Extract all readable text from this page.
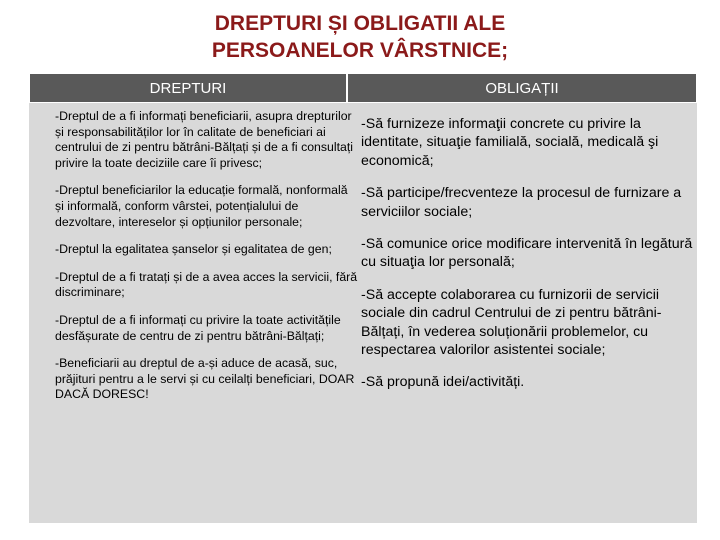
DREPTURI ȘI OBLIGATII ALE
PERSOANELOR VÂRSTNICE;
DREPTURI	OBLIGAȚII

-Dreptul de a fi informați beneficiarii, asupra drepturilor și responsabilităților lor în calitate de beneficiari ai centrului de zi pentru bătrâni-Bălțați și de a fi consultați privire la toate deciziile care îi privesc;

-Dreptul beneficiarilor la educație formală, nonformală și informală, conform vârstei, potențialului de dezvoltare, intereselor și opțiunilor personale;

-Dreptul la egalitatea șanselor și egalitatea de gen;

-Dreptul de a fi tratați și de a avea acces la servicii, fără discriminare;

-Dreptul de a fi informați cu privire la toate activitățile desfășurate de centru de zi pentru bătrâni-Bălțați;

-Beneficiarii au dreptul de a-și aduce de acasă, suc, prăjituri pentru a le servi și cu ceilalți beneficiari, DOAR DACĂ DORESC!

-Să furnizeze informaţii concrete cu privire la identitate, situaţie familială, socială, medicală şi economică;

-Să participe/frecventeze la procesul de furnizare a serviciilor sociale;

-Să comunice orice modificare intervenită în legătură cu situaţia lor personală;

-Să accepte colaborarea cu furnizorii de servicii sociale din cadrul Centrului de zi pentru bătrâni-Bălțați, în vederea soluționării problemelor, cu respectarea valorilor asistentei sociale;

-Să propună idei/activități.
